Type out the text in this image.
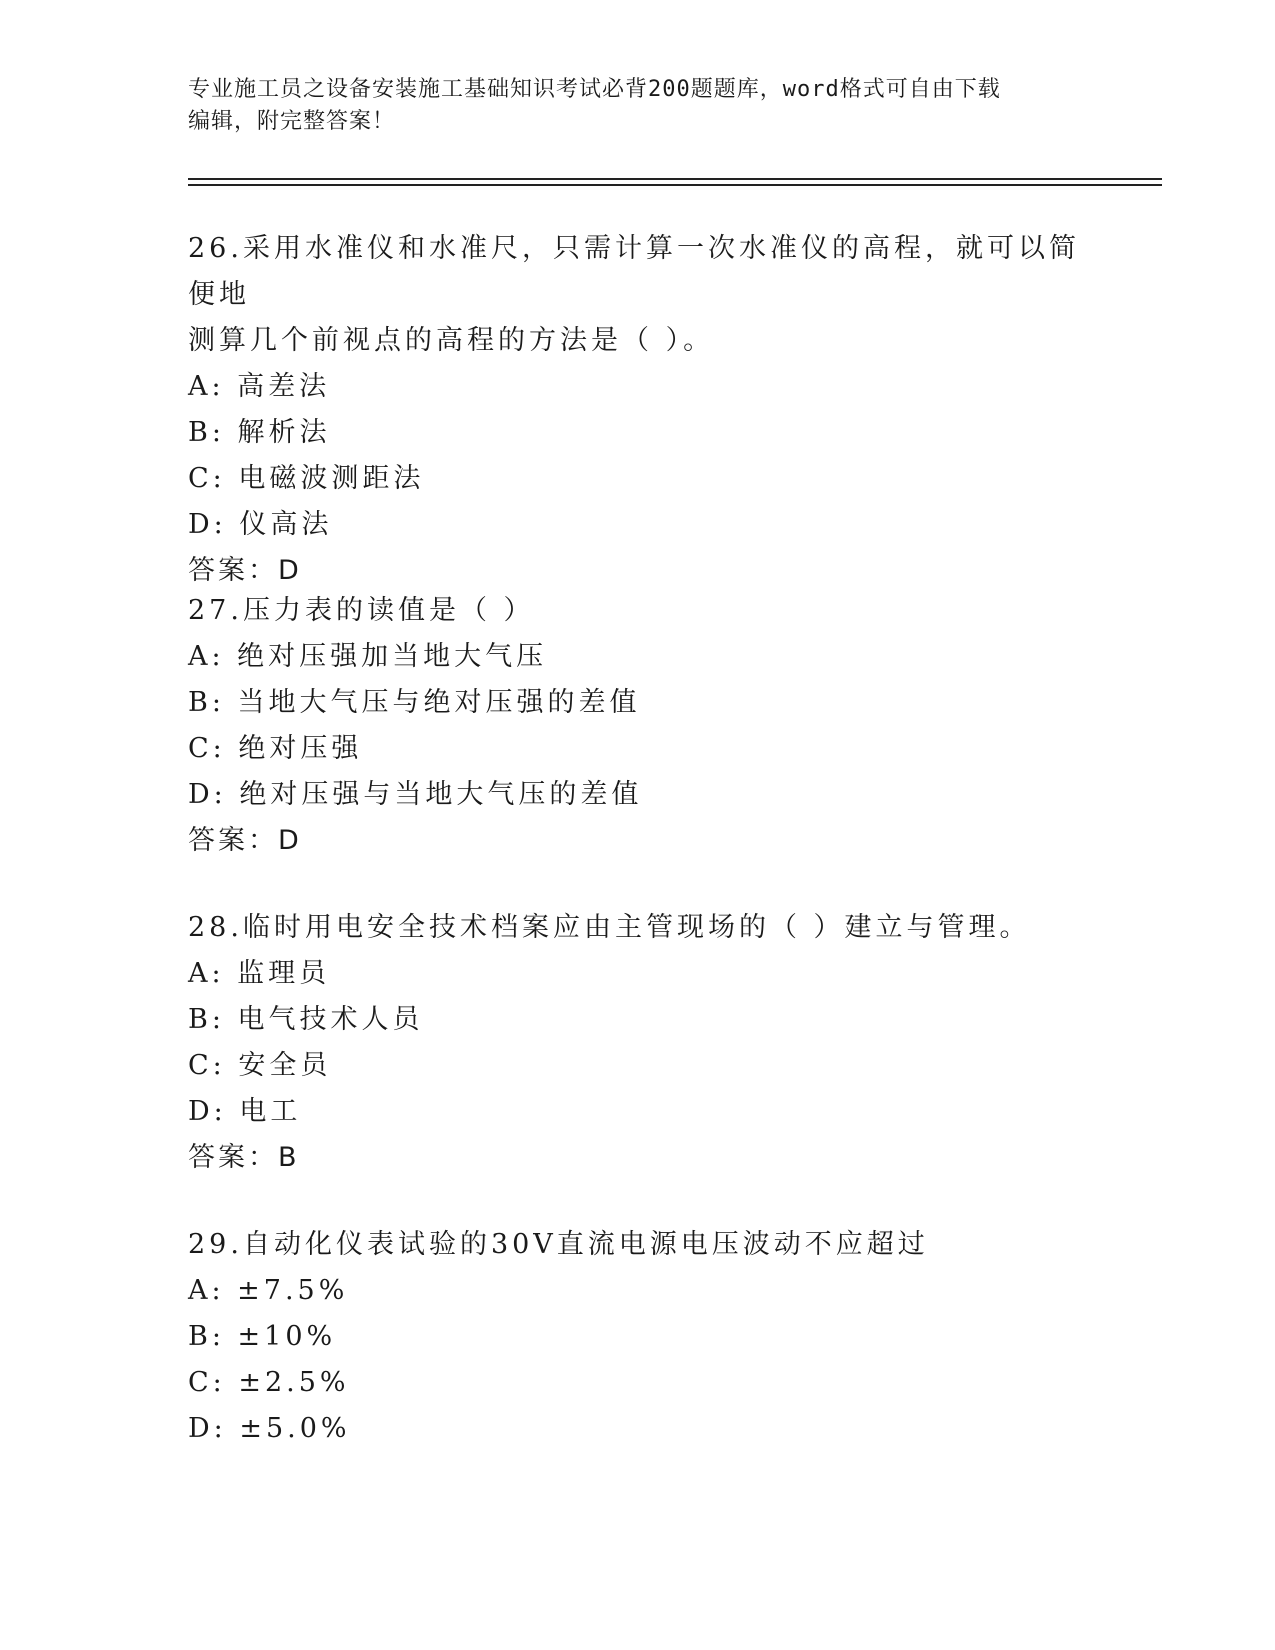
专业施工员之设备安装施工基础知识考试必背200题题库，word格式可自由下载
编辑，附完整答案！

26.采用水准仪和水准尺，只需计算一次水准仪的高程，就可以简便地

测算几个前视点的高程的方法是（ ）。

A: 高差法

B: 解析法

C: 电磁波测距法

D: 仪高法

答案：D

27.压力表的读值是（ ）

A: 绝对压强加当地大气压

B: 当地大气压与绝对压强的差值

C: 绝对压强

D: 绝对压强与当地大气压的差值

答案：D

28.临时用电安全技术档案应由主管现场的（ ）建立与管理。

A: 监理员

B: 电气技术人员

C: 安全员

D: 电工

答案：B

29.自动化仪表试验的30V直流电源电压波动不应超过

A: ±7.5%

B: ±10%

C: ±2.5%

D: ±5.0%
